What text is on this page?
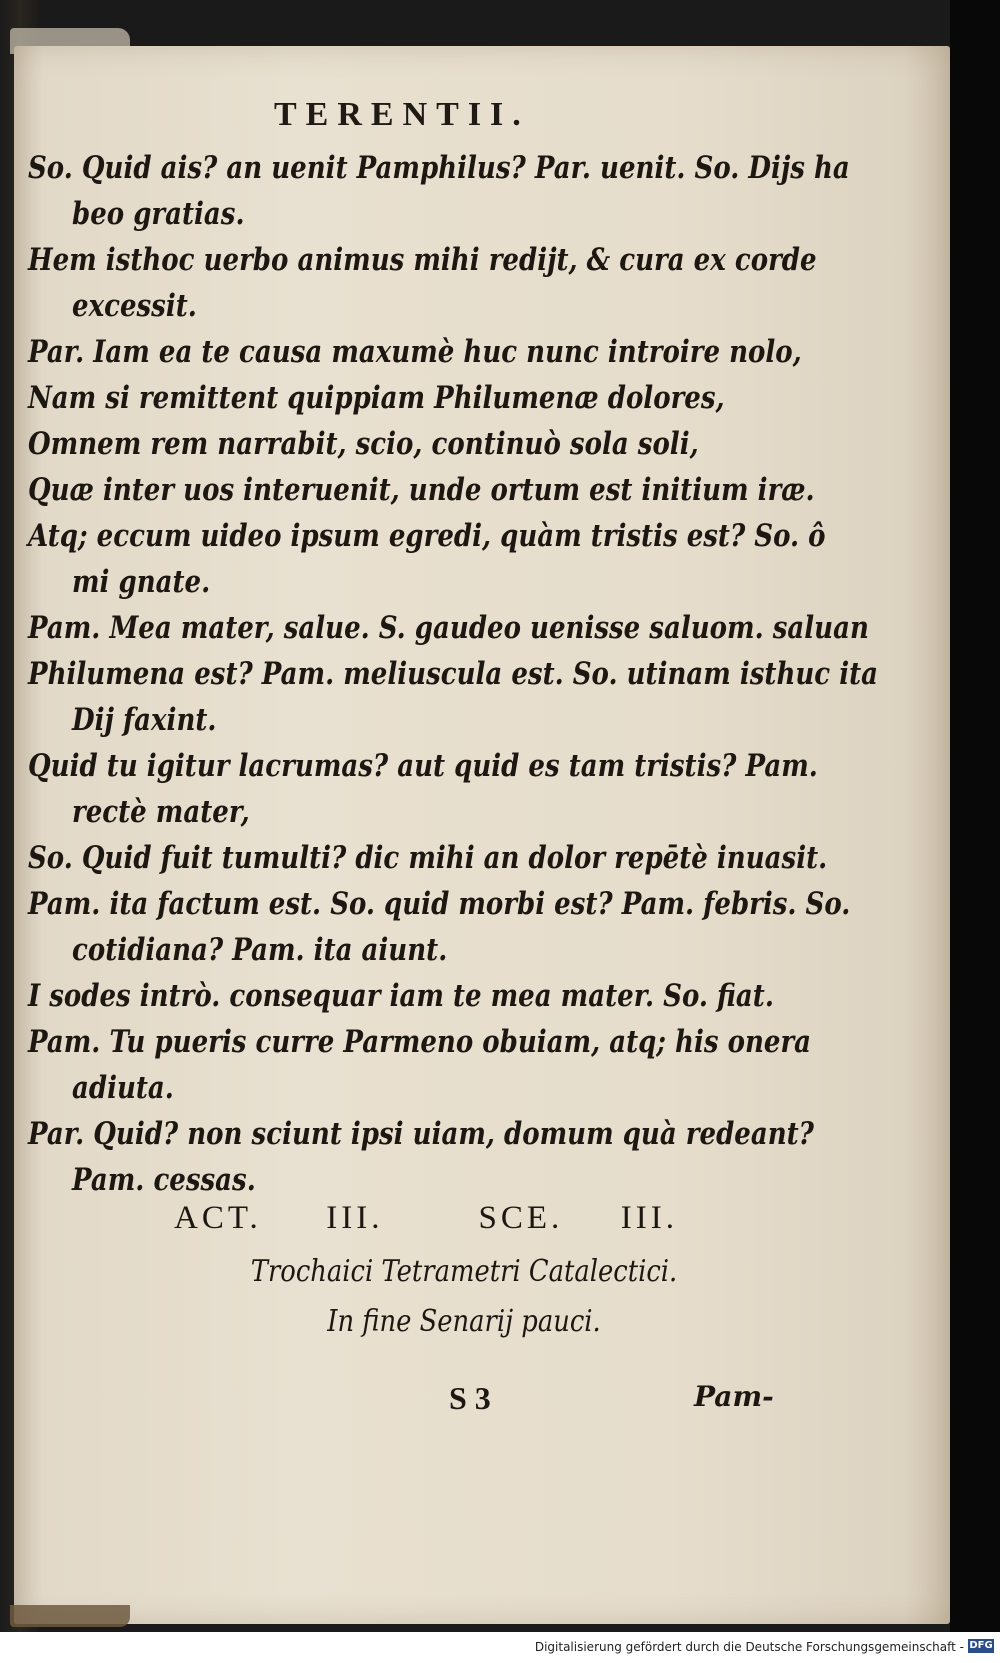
TERENTII.
So. Quid ais? an uenit Pamphilus? Par. uenit. So. Dijs ha
beo gratias.
Hem isthoc uerbo animus mihi redijt, & cura ex corde
excessit.
Par. Iam ea te causa maxumè huc nunc introire nolo,
Nam si remittent quippiam Philumenæ dolores,
Omnem rem narrabit, scio, continuò sola soli,
Quæ inter uos interuenit, unde ortum est initium iræ.
Atq; eccum uideo ipsum egredi, quàm tristis est? So. ô
mi gnate.
Pam. Mea mater, salue. S. gaudeo uenisse saluom. saluan
Philumena est? Pam. meliuscula est. So. utinam isthuc ita
Dij faxint.
Quid tu igitur lacrumas? aut quid es tam tristis? Pam.
rectè mater,
So. Quid fuit tumulti? dic mihi an dolor repētè inuasit.
Pam. ita factum est. So. quid morbi est? Pam. febris. So.
cotidiana? Pam. ita aiunt.
I sodes intrò. consequar iam te mea mater. So. fiat.
Pam. Tu pueris curre Parmeno obuiam, atq; his onera
adiuta.
Par. Quid? non sciunt ipsi uiam, domum quà redeant?
Pam. cessas.
ACT. III.	SCE. III.
Trochaici Tetrametri Catalectici.
In fine Senarij pauci.
S 3	Pam-
Digitalisierung gefördert durch die Deutsche Forschungsgemeinschaft - DFG
